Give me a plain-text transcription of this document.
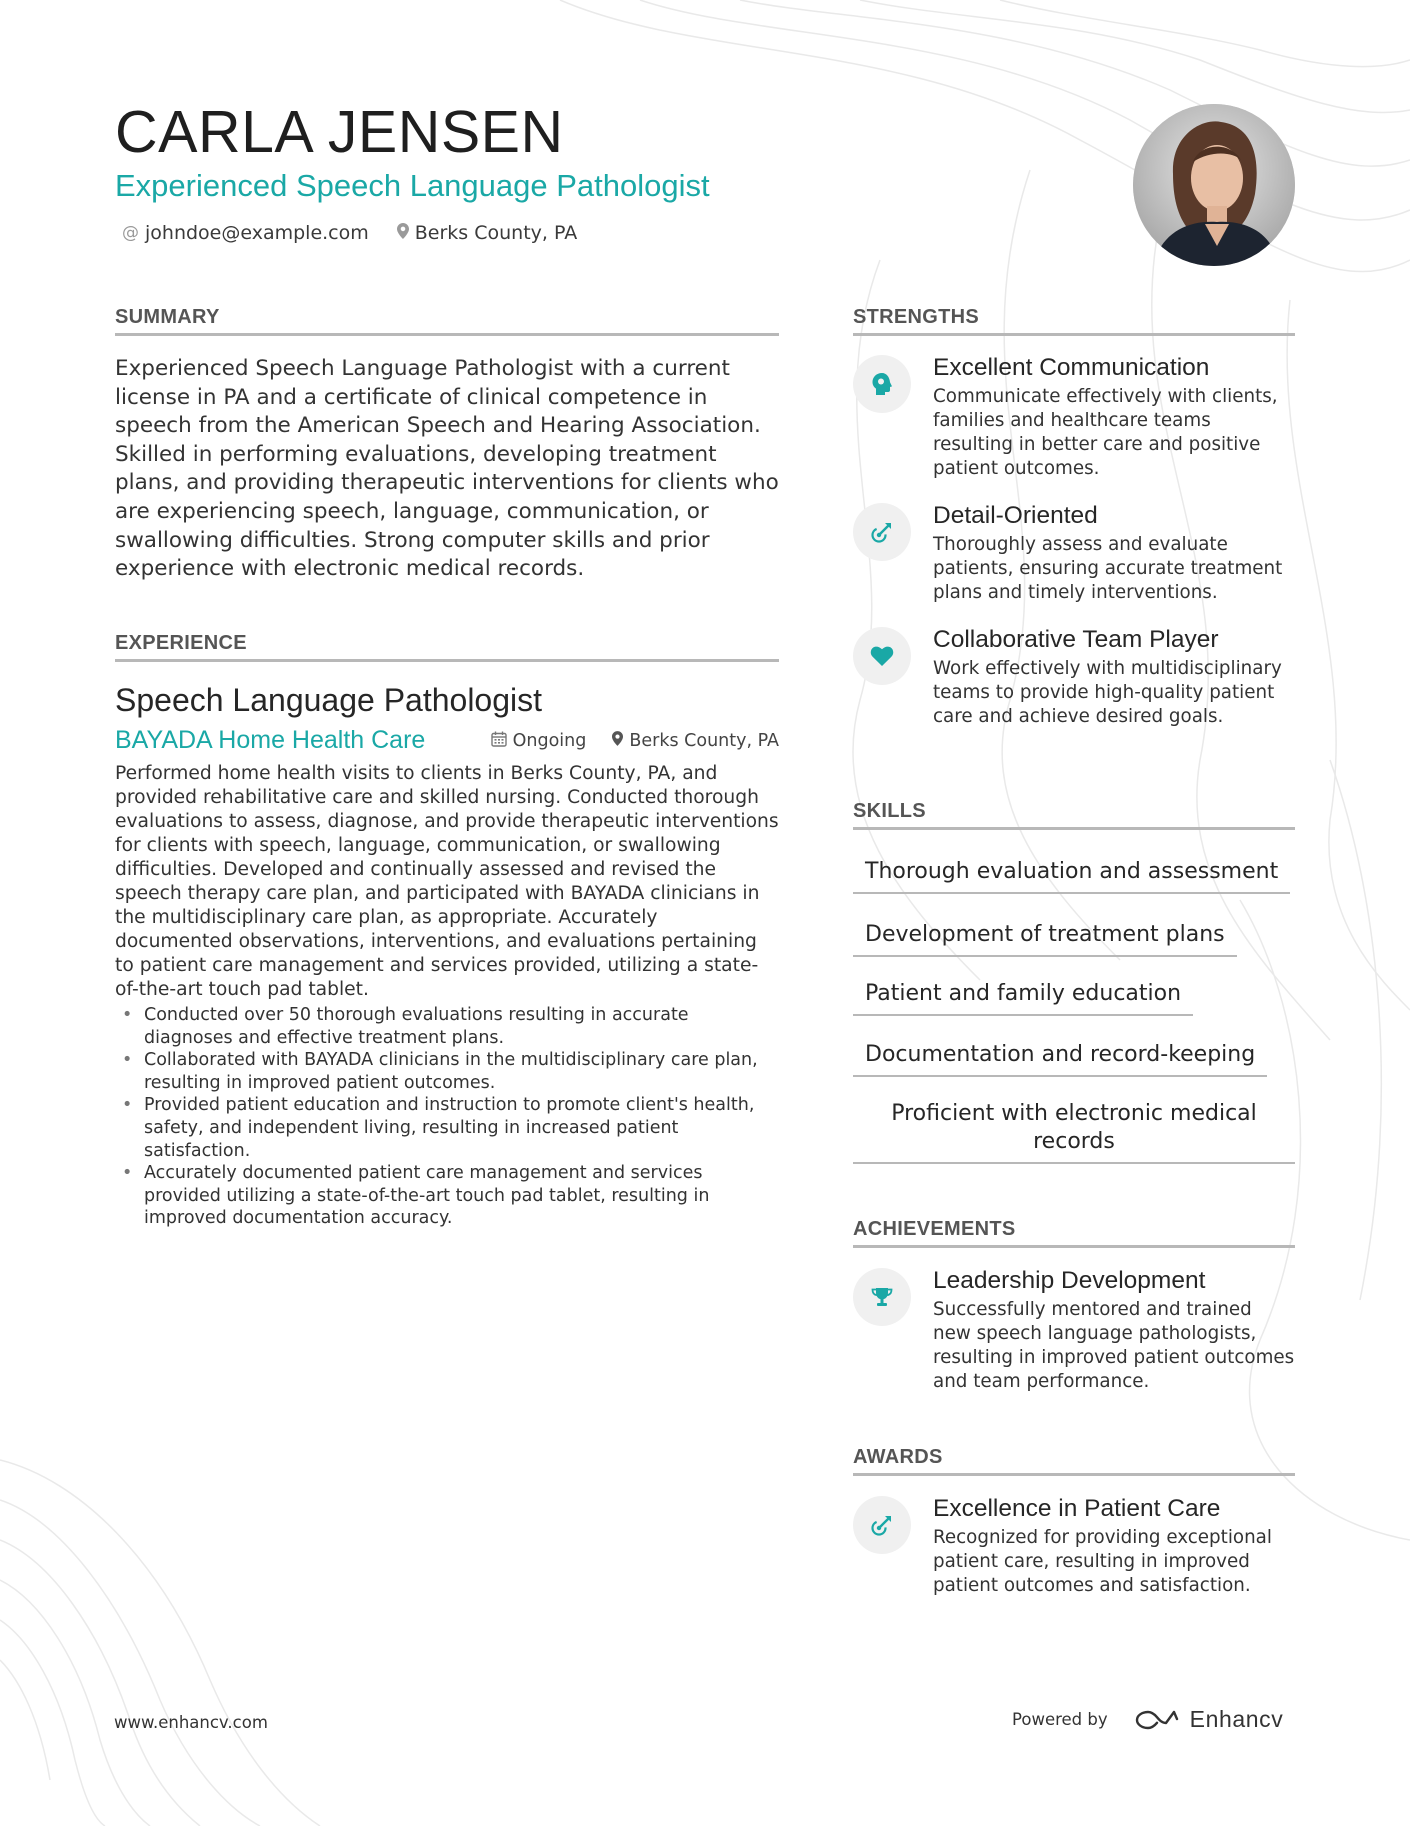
CARLA JENSEN
Experienced Speech Language Pathologist
@ johndoe@example.com Berks County, PA
SUMMARY

Experienced Speech Language Pathologist with a current license in PA and a certificate of clinical competence in speech from the American Speech and Hearing Association. Skilled in performing evaluations, developing treatment plans, and providing therapeutic interventions for clients who are experiencing speech, language, communication, or swallowing difficulties. Strong computer skills and prior experience with electronic medical records.

EXPERIENCE
Speech Language Pathologist
BAYADA Home Health Care	Ongoing Berks County, PA

Performed home health visits to clients in Berks County, PA, and provided rehabilitative care and skilled nursing. Conducted thorough evaluations to assess, diagnose, and provide therapeutic interventions for clients with speech, language, communication, or swallowing difficulties. Developed and continually assessed and revised the speech therapy care plan, and participated with BAYADA clinicians in the multidisciplinary care plan, as appropriate. Accurately documented observations, interventions, and evaluations pertaining to patient care management and services provided, utilizing a state-of-the-art touch pad tablet.

• Conducted over 50 thorough evaluations resulting in accurate diagnoses and effective treatment plans.
• Collaborated with BAYADA clinicians in the multidisciplinary care plan, resulting in improved patient outcomes.
• Provided patient education and instruction to promote client's health, safety, and independent living, resulting in increased patient satisfaction.
• Accurately documented patient care management and services provided utilizing a state-of-the-art touch pad tablet, resulting in improved documentation accuracy.
STRENGTHS
Excellent Communication

Communicate effectively with clients, families and healthcare teams resulting in better care and positive patient outcomes.

Detail-Oriented

Thoroughly assess and evaluate patients, ensuring accurate treatment plans and timely interventions.

Collaborative Team Player

Work effectively with multidisciplinary teams to provide high-quality patient care and achieve desired goals.

SKILLS
Thorough evaluation and assessment
Development of treatment plans
Patient and family education
Documentation and record-keeping
Proficient with electronic medical records
ACHIEVEMENTS
Leadership Development

Successfully mentored and trained new speech language pathologists, resulting in improved patient outcomes and team performance.

AWARDS
Excellence in Patient Care

Recognized for providing exceptional patient care, resulting in improved patient outcomes and satisfaction.

www.enhancv.com	Powered by	Enhancv
